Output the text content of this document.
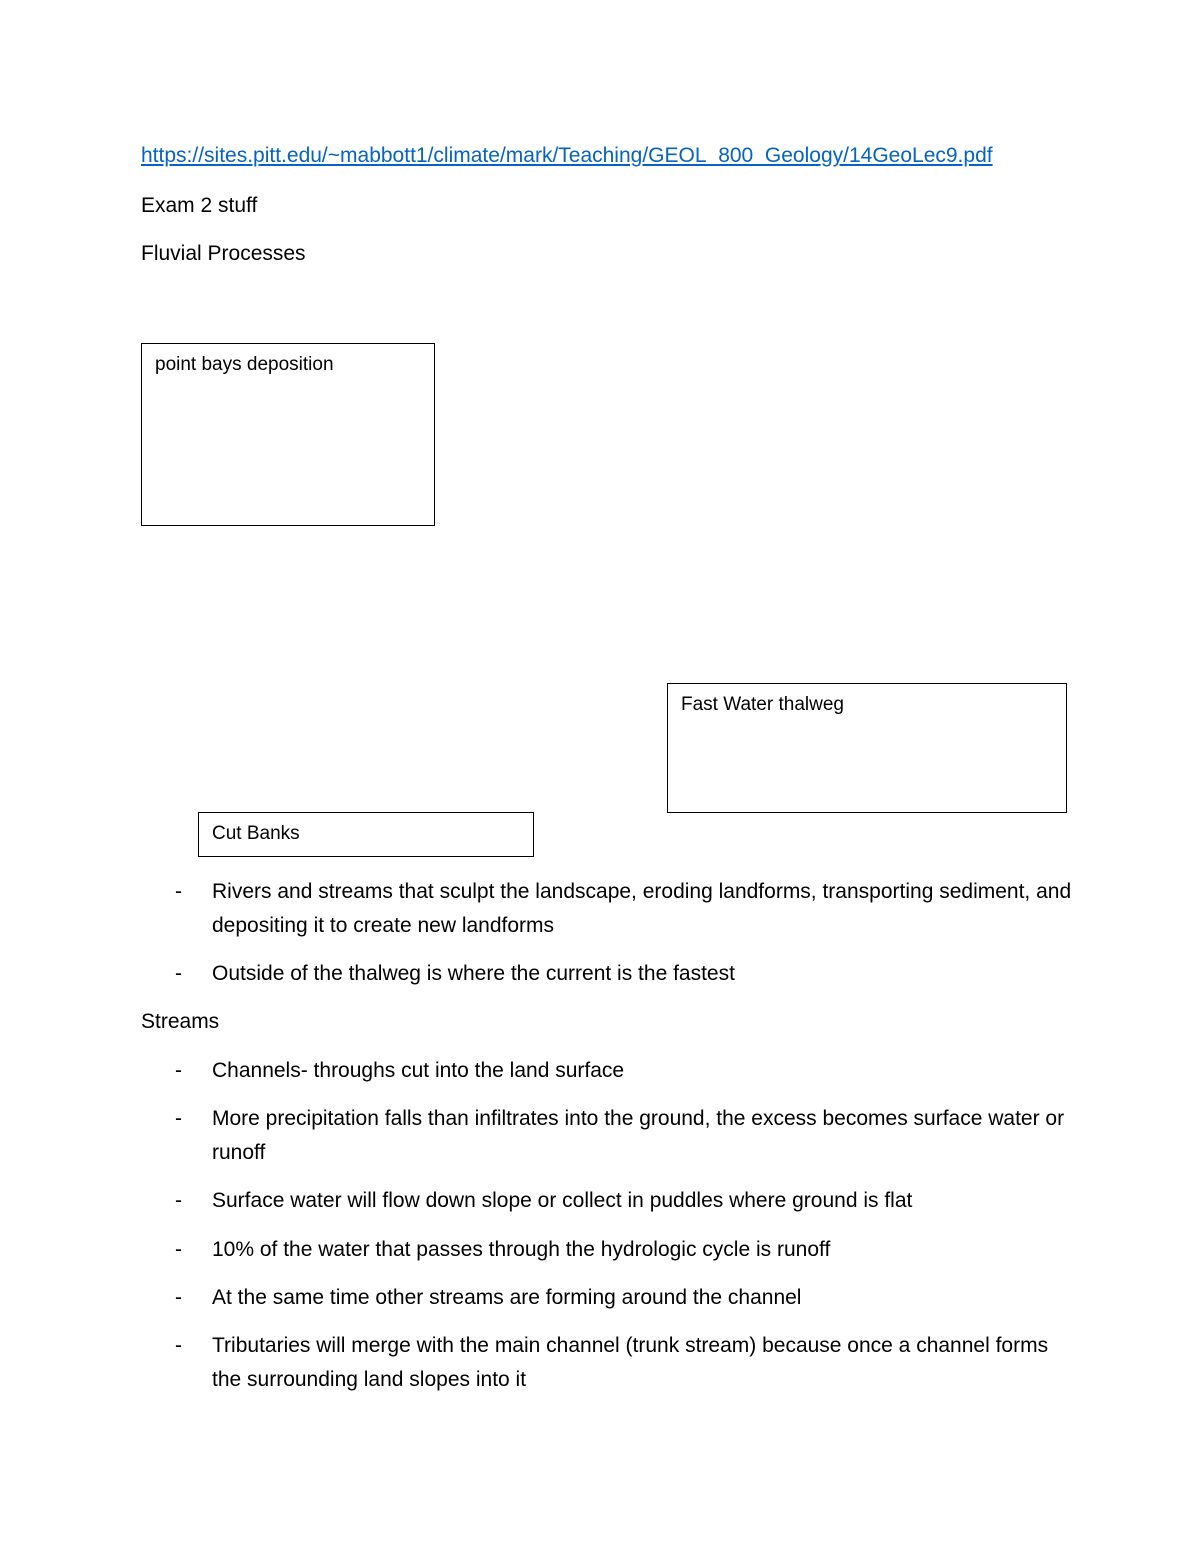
https://sites.pitt.edu/~mabbott1/climate/mark/Teaching/GEOL_800_Geology/14GeoLec9.pdf
Exam 2 stuff
Fluvial Processes
point bays deposition
Fast Water thalweg
Cut Banks
- Rivers and streams that sculpt the landscape, eroding landforms, transporting sediment, and depositing it to create new landforms
- Outside of the thalweg is where the current is the fastest
Streams
- Channels- throughs cut into the land surface
- More precipitation falls than infiltrates into the ground, the excess becomes surface water or runoff
- Surface water will flow down slope or collect in puddles where ground is flat
- 10% of the water that passes through the hydrologic cycle is runoff
- At the same time other streams are forming around the channel
- Tributaries will merge with the main channel (trunk stream) because once a channel forms the surrounding land slopes into it
